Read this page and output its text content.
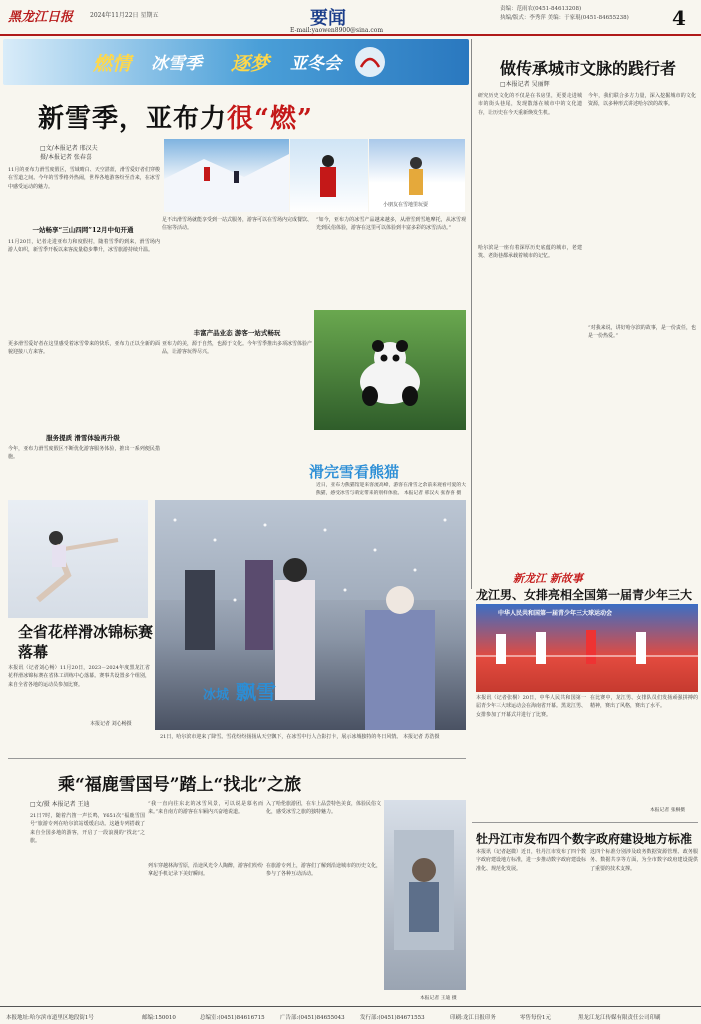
黑龙江日报	2024年11月22日 星期五	要闻
E-mail:yaowen8900@sina.com
责编：范雨农(0451-84613208)
执编/版式：李秀萍 美编：于家琨(0451-84655238)	4
燃情 冰雪季 逐梦 亚冬会
新雪季，亚布力很“燃”
□文/本报记者 邢汉夫
摄/本报记者 张春喜
11月的亚布力滑雪度假区，雪域晴白、天空湛蓝，滑雪爱好者们穿梭在雪道之间。今年的雪季格外热闹，世界各地游客纷至沓来，在冰雪中感受运动的魅力。
小朋友在雪地里玩耍
一站畅享“三山四网”12月中旬开通
11月20日，记者走进亚布力和度假村，随着雪季的到来，滑雪场内游人如织，新雪季开板以来客流量稳步攀升，冰雪旅游持续升温。
更多滑雪爱好者在这里感受着冰雪带来的快乐，亚布力正以全新的面貌迎接八方来客。
服务提质 滑雪体验再升级
今年，亚布力滑雪度假区不断优化游客服务体验，推出一系列便民措施。
足不出滑雪场就能享受到一站式服务，游客可以在雪场内完成餐饮、住宿等活动。
丰富产品业态 游客一站式畅玩
亚布力的美，源于自然，也源于文化。今年雪季推出多项冰雪体验产品，让游客玩得尽兴。
“如今，亚布力的冰雪产品越来越多，从滑雪到雪地摩托，从冰雪观光到民俗体验，游客在这里可以体验到丰富多彩的冰雪活动。”
滑完雪看熊猫
近日，亚布力熊猫馆迎来客流高峰，游客在滑雪之余前来观看可爱的大熊猫，感受冰雪与萌宠带来的别样体验。 本报记者 邢汉夫 张春喜 摄
全省花样滑冰锦标赛落幕
本报讯（记者刘心畅）11月20日，2023－2024年度黑龙江省花样滑冰锦标赛在省体工训练中心落幕。赛事共设置多个组别，来自全省各地的运动员参加比赛。
本报记者 刘心畅摄
冰城 飘雪
21日，哈尔滨市迎来了降雪。雪花纷纷扬扬从天空飘下，在冰雪中行人合影打卡，展示冰城独特的冬日风情。 本报记者 苏浩摄
乘“福鹿雪国号”踏上“找北”之旅
□文/摄 本报记者 王迪
21日7时，随着汽笛一声长鸣，Y651次“福鹿雪国号”旅游专列在哈尔滨站缓缓启动。这趟专列搭载了来自全国多地的游客，开启了一段浪漫的“找北”之旅。
“我一直向往东北的冰雪风景，可以说是慕名而来。”来自南方的游客在车厢内兴奋地说道。
列车穿越林海雪原，沿途风光令人陶醉，游客们纷纷拿起手机记录下美好瞬间。
入了哈伦旅游团，在车上品尝特色美食，体验民俗文化，感受冰雪之旅的独特魅力。
在旅游专列上，游客们了解到沿途城市的历史文化，参与了各种互动活动。
本报记者 王迪 摄
做传承城市文脉的践行者
□本报记者 吴丽辉
研究历史文化的不仅是在书房里，更要走进城市的街头巷尾，发现散落在城市中的文化遗存，让历史在今天重新焕发生机。
哈尔滨是一座有着深厚历史底蕴的城市，老建筑、老街巷都承载着城市的记忆。
今年，我们联合多方力量，深入挖掘城市的文化资源，以多种形式讲述哈尔滨的故事。
“对我来说，讲好哈尔滨的故事，是一份责任，也是一份热爱。”
新龙江 新故事
龙江男、女排亮相全国第一届青少年三大
中华人民共和国第一届青少年三大球运动会
本报讯（记者张桐）20日，中华人民共和国第一届青少年三大球运动会在海南省开幕。黑龙江男、女排参加了开幕式并进行了比赛。
在比赛中，龙江男、女排队员们发扬顽强拼搏的精神，赛出了风格，赛出了水平。
本报记者 张桐摄
牡丹江市发布四个数字政府建设地方标准
本报讯（记者赵微）近日，牡丹江市发布了四个数字政府建设地方标准，进一步推动数字政府建设标准化、规范化发展。
这四个标准分别涉及政务数据资源管理、政务服务、数据共享等方面，为全市数字政府建设提供了重要的技术支撑。
本报地址:哈尔滨市道里区地段街1号	邮编:150010	总编室:(0451)84616715	广告部:(0451)84655043	发行部:(0451)84671553	印刷:龙江日报印务	零售每份1元	黑龙江龙江传媒有限责任公司印刷
